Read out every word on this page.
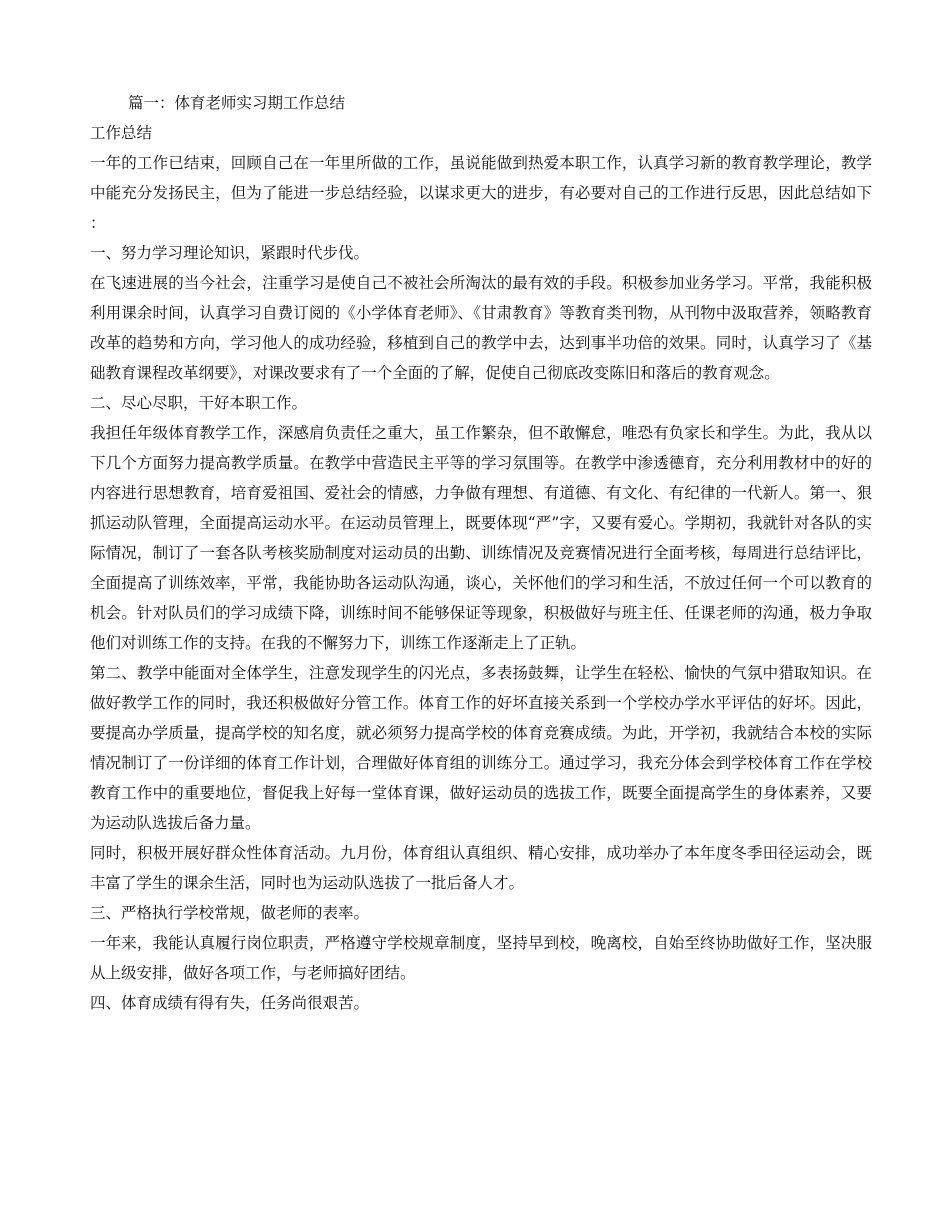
篇一：体育老师实习期工作总结

工作总结

一年的工作已结束，回顾自己在一年里所做的工作，虽说能做到热爱本职工作，认真学习新的教育教学理论，教学中能充分发扬民主，但为了能进一步总结经验，以谋求更大的进步，有必要对自己的工作进行反思，因此总结如下：

一、努力学习理论知识，紧跟时代步伐。

在飞速进展的当今社会，注重学习是使自己不被社会所淘汰的最有效的手段。积极参加业务学习。平常，我能积极利用课余时间，认真学习自费订阅的《小学体育老师》、《甘肃教育》等教育类刊物，从刊物中汲取营养，领略教育改革的趋势和方向，学习他人的成功经验，移植到自己的教学中去，达到事半功倍的效果。同时，认真学习了《基础教育课程改革纲要》，对课改要求有了一个全面的了解，促使自己彻底改变陈旧和落后的教育观念。

二、尽心尽职，干好本职工作。

我担任年级体育教学工作，深感肩负责任之重大，虽工作繁杂，但不敢懈怠，唯恐有负家长和学生。为此，我从以下几个方面努力提高教学质量。在教学中营造民主平等的学习氛围等。在教学中渗透德育，充分利用教材中的好的内容进行思想教育，培育爱祖国、爱社会的情感，力争做有理想、有道德、有文化、有纪律的一代新人。第一、狠抓运动队管理，全面提高运动水平。在运动员管理上，既要体现“严”字，又要有爱心。学期初，我就针对各队的实际情况，制订了一套各队考核奖励制度对运动员的出勤、训练情况及竞赛情况进行全面考核，每周进行总结评比，全面提高了训练效率，平常，我能协助各运动队沟通，谈心，关怀他们的学习和生活，不放过任何一个可以教育的机会。针对队员们的学习成绩下降，训练时间不能够保证等现象，积极做好与班主任、任课老师的沟通，极力争取他们对训练工作的支持。在我的不懈努力下，训练工作逐渐走上了正轨。

第二、教学中能面对全体学生，注意发现学生的闪光点，多表扬鼓舞，让学生在轻松、愉快的气氛中猎取知识。在做好教学工作的同时，我还积极做好分管工作。体育工作的好坏直接关系到一个学校办学水平评估的好坏。因此，要提高办学质量，提高学校的知名度，就必须努力提高学校的体育竞赛成绩。为此，开学初，我就结合本校的实际情况制订了一份详细的体育工作计划，合理做好体育组的训练分工。通过学习，我充分体会到学校体育工作在学校教育工作中的重要地位，督促我上好每一堂体育课，做好运动员的选拔工作，既要全面提高学生的身体素养，又要为运动队选拔后备力量。

同时，积极开展好群众性体育活动。九月份，体育组认真组织、精心安排，成功举办了本年度冬季田径运动会，既丰富了学生的课余生活，同时也为运动队选拔了一批后备人才。

三、严格执行学校常规，做老师的表率。

一年来，我能认真履行岗位职责，严格遵守学校规章制度，坚持早到校，晚离校，自始至终协助做好工作，坚决服从上级安排，做好各项工作，与老师搞好团结。

四、体育成绩有得有失，任务尚很艰苦。
